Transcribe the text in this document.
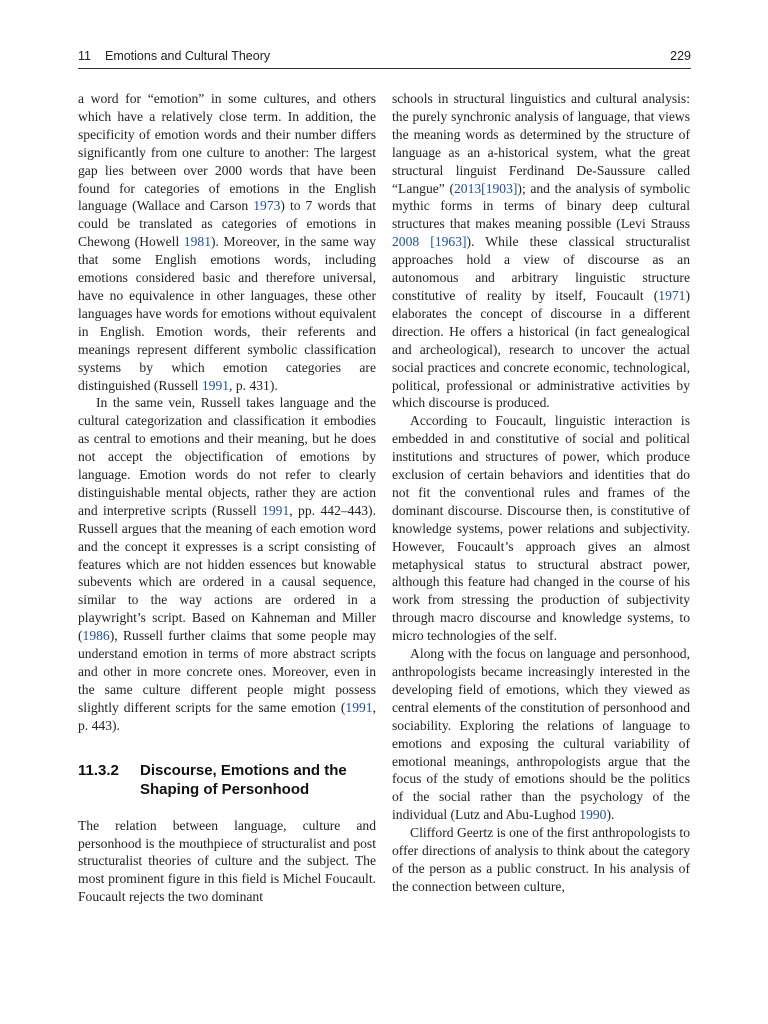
11 Emotions and Cultural Theory	229

a word for “emotion” in some cultures, and others which have a relatively close term. In addition, the specificity of emotion words and their number differs significantly from one culture to another: The largest gap lies between over 2000 words that have been found for categories of emotions in the English language (Wallace and Carson 1973) to 7 words that could be translated as categories of emotions in Chewong (Howell 1981). Moreover, in the same way that some English emotions words, including emotions considered basic and therefore universal, have no equivalence in other languages, these other languages have words for emotions without equivalent in English. Emotion words, their referents and meanings represent different symbolic classification systems by which emotion categories are distinguished (Russell 1991, p. 431).

In the same vein, Russell takes language and the cultural categorization and classification it embodies as central to emotions and their meaning, but he does not accept the objectification of emotions by language. Emotion words do not refer to clearly distinguishable mental objects, rather they are action and interpretive scripts (Russell 1991, pp. 442–443). Russell argues that the meaning of each emotion word and the concept it expresses is a script consisting of features which are not hidden essences but knowable subevents which are ordered in a causal sequence, similar to the way actions are ordered in a playwright’s script. Based on Kahneman and Miller (1986), Russell further claims that some people may understand emotion in terms of more abstract scripts and other in more concrete ones. Moreover, even in the same culture different people might possess slightly different scripts for the same emotion (1991, p. 443).

11.3.2	Discourse, Emotions and the Shaping of Personhood

The relation between language, culture and personhood is the mouthpiece of structuralist and post structuralist theories of culture and the subject. The most prominent figure in this field is Michel Foucault. Foucault rejects the two dominant

schools in structural linguistics and cultural analysis: the purely synchronic analysis of language, that views the meaning words as determined by the structure of language as an a-historical system, what the great structural linguist Ferdinand De-Saussure called “Langue” (2013[1903]); and the analysis of symbolic mythic forms in terms of binary deep cultural structures that makes meaning possible (Levi Strauss 2008 [1963]). While these classical structuralist approaches hold a view of discourse as an autonomous and arbitrary linguistic structure constitutive of reality by itself, Foucault (1971) elaborates the concept of discourse in a different direction. He offers a historical (in fact genealogical and archeological), research to uncover the actual social practices and concrete economic, technological, political, professional or administrative activities by which discourse is produced.

According to Foucault, linguistic interaction is embedded in and constitutive of social and political institutions and structures of power, which produce exclusion of certain behaviors and identities that do not fit the conventional rules and frames of the dominant discourse. Discourse then, is constitutive of knowledge systems, power relations and subjectivity. However, Foucault’s approach gives an almost metaphysical status to structural abstract power, although this feature had changed in the course of his work from stressing the production of subjectivity through macro discourse and knowledge systems, to micro technologies of the self.

Along with the focus on language and personhood, anthropologists became increasingly interested in the developing field of emotions, which they viewed as central elements of the constitution of personhood and sociability. Exploring the relations of language to emotions and exposing the cultural variability of emotional meanings, anthropologists argue that the focus of the study of emotions should be the politics of the social rather than the psychology of the individual (Lutz and Abu-Lughod 1990).

Clifford Geertz is one of the first anthropologists to offer directions of analysis to think about the category of the person as a public construct. In his analysis of the connection between culture,
